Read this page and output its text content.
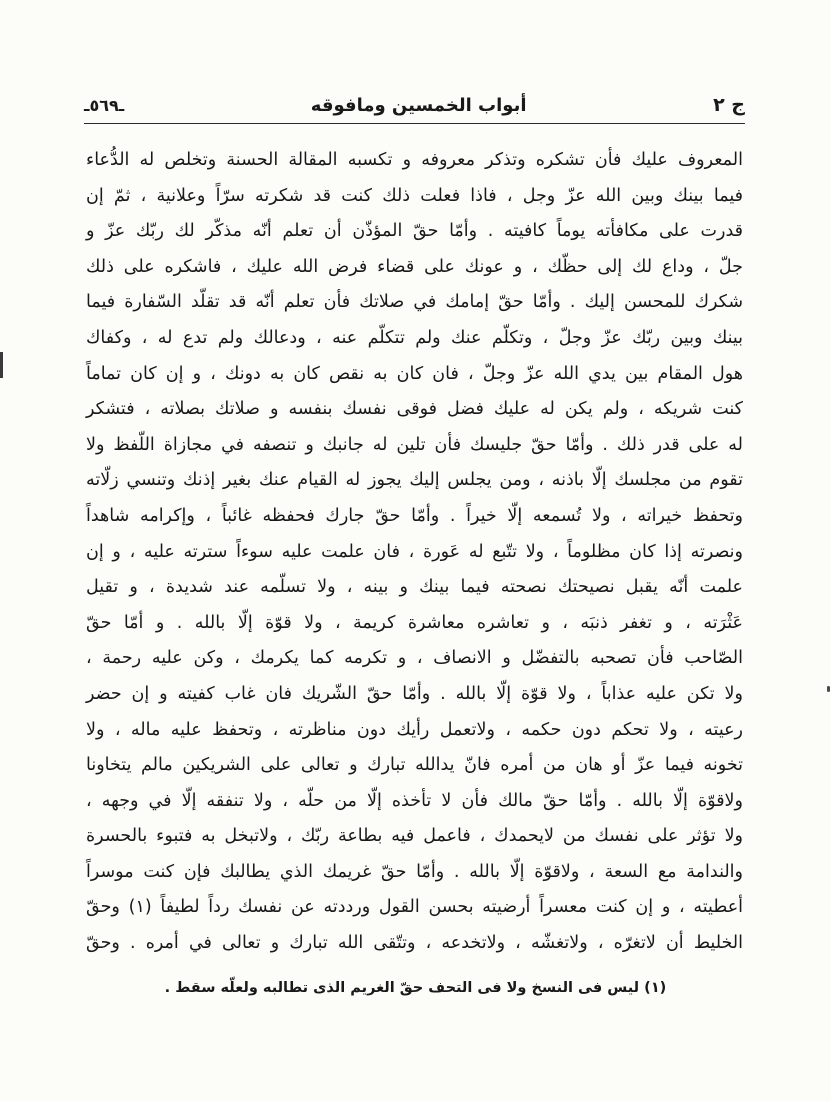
ج ٢
أبواب الخمسين ومافوقه
ـ٥٦٩ـ
المعروف عليك فأن تشكره وتذكر معروفه و تكسبه المقالة الحسنة وتخلص له الدُّعاء
فيما بينك وبين الله عزّ وجل ، فاذا فعلت ذلك كنت قد شكرته سرّاً وعلانية ، ثمّ إن
قدرت على مكافأته يوماً كافيته . وأمّا حقّ المؤذّن أن تعلم أنّه مذكّر لك ربّك عزّ و
جلّ ، وداع لك إلى حظّك ، و عونك على قضاء فرض الله عليك ، فاشكره على ذلك
شكرك للمحسن إليك . وأمّا حقّ إمامك في صلاتك فأن تعلم أنّه قد تقلّد السّفارة فيما
بينك وبين ربّك عزّ وجلّ ، وتكلّم عنك ولم تتكلّم عنه ، ودعالك ولم تدع له ، وكفاك
هول المقام بين يدي الله عزّ وجلّ ، فان كان به نقص كان به دونك ، و إن كان تماماً
كنت شريكه ، ولم يكن له عليك فضل فوقى نفسك بنفسه و صلاتك بصلاته ، فتشكر
له على قدر ذلك . وأمّا حقّ جليسك فأن تلين له جانبك و تنصفه في مجازاة اللّفظ ولا
تقوم من مجلسك إلّا باذنه ، ومن يجلس إليك يجوز له القيام عنك بغير إذنك وتنسي زلّاته
وتحفظ خيراته ، ولا تُسمعه إلّا خيراً . وأمّا حقّ جارك فحفظه غائباً ، وإكرامه شاهداً
ونصرته إذا كان مظلوماً ، ولا تتّبع له عَورة ، فان علمت عليه سوءاً سترته عليه ، و إن
علمت أنّه يقبل نصيحتك نصحته فيما بينك و بينه ، ولا تسلّمه عند شديدة ، و تقيل
عَثْرَته ، و تغفر ذنبَه ، و تعاشره معاشرة كريمة ، ولا قوّة إلّا بالله . و أمّا حقّ
الصّاحب فأن تصحبه بالتفضّل و الانصاف ، و تكرمه كما يكرمك ، وكن عليه رحمة ،
ولا تكن عليه عذاباً ، ولا قوّة إلّا بالله . وأمّا حقّ الشّريك فان غاب كفيته و إن حضر
رعيته ، ولا تحكم دون حكمه ، ولاتعمل رأيك دون مناظرته ، وتحفظ عليه ماله ، ولا
تخونه فيما عزّ أو هان من أمره فانّ يدالله تبارك و تعالى على الشريكين مالم يتخاونا
ولاقوّة إلّا بالله . وأمّا حقّ مالك فأن لا تأخذه إلّا من حلّه ، ولا تنفقه إلّا في وجهه ،
ولا تؤثر على نفسك من لايحمدك ، فاعمل فيه بطاعة ربّك ، ولاتبخل به فتبوء بالحسرة
والندامة مع السعة ، ولاقوّة إلّا بالله . وأمّا حقّ غريمك الذي يطالبك فإن كنت موسراً
أعطيته ، و إن كنت معسراً أرضيته بحسن القول ورددته عن نفسك رداً لطيفاً (١) وحقّ
الخليط أن لاتغرّه ، ولاتغشّه ، ولاتخدعه ، وتتّقى الله تبارك و تعالى في أمره . وحقّ
(١) ليس فى النسخ ولا فى التحف حقّ الغريم الذى تطالبه ولعلّه سقط .
